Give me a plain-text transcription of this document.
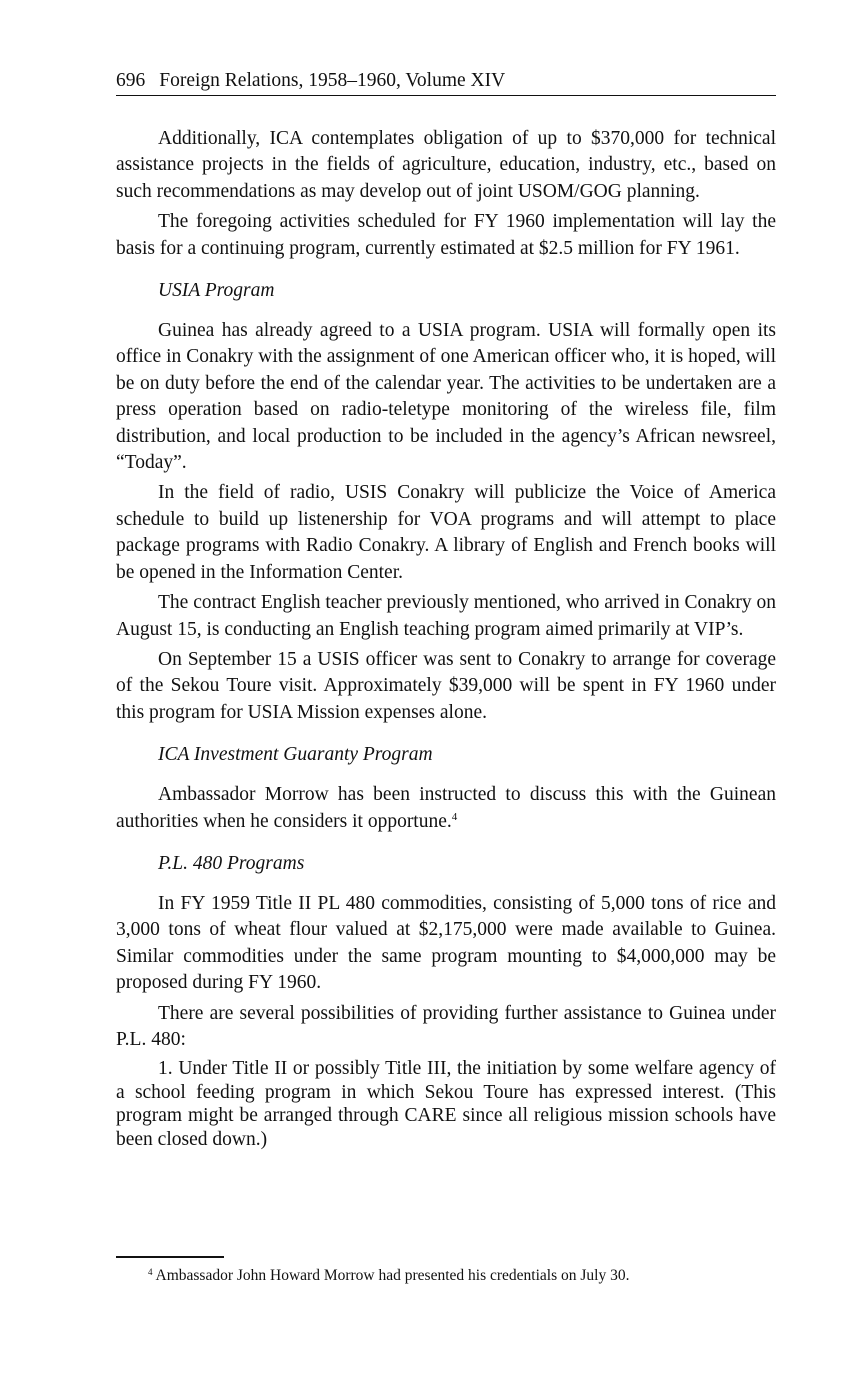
696 Foreign Relations, 1958–1960, Volume XIV

Additionally, ICA contemplates obligation of up to $370,000 for technical assistance projects in the fields of agriculture, education, industry, etc., based on such recommendations as may develop out of joint USOM/GOG planning.

The foregoing activities scheduled for FY 1960 implementation will lay the basis for a continuing program, currently estimated at $2.5 million for FY 1961.

USIA Program

Guinea has already agreed to a USIA program. USIA will formally open its office in Conakry with the assignment of one American officer who, it is hoped, will be on duty before the end of the calendar year. The activities to be undertaken are a press operation based on radio-teletype monitoring of the wireless file, film distribution, and local production to be included in the agency’s African newsreel, “Today”.

In the field of radio, USIS Conakry will publicize the Voice of America schedule to build up listenership for VOA programs and will attempt to place package programs with Radio Conakry. A library of English and French books will be opened in the Information Center.

The contract English teacher previously mentioned, who arrived in Conakry on August 15, is conducting an English teaching program aimed primarily at VIP’s.

On September 15 a USIS officer was sent to Conakry to arrange for coverage of the Sekou Toure visit. Approximately $39,000 will be spent in FY 1960 under this program for USIA Mission expenses alone.

ICA Investment Guaranty Program

Ambassador Morrow has been instructed to discuss this with the Guinean authorities when he considers it opportune.$^4$

P.L. 480 Programs

In FY 1959 Title II PL 480 commodities, consisting of 5,000 tons of rice and 3,000 tons of wheat flour valued at $2,175,000 were made available to Guinea. Similar commodities under the same program mounting to $4,000,000 may be proposed during FY 1960.

There are several possibilities of providing further assistance to Guinea under P.L. 480:

1. Under Title II or possibly Title III, the initiation by some welfare agency of a school feeding program in which Sekou Toure has expressed interest. (This program might be arranged through CARE since all religious mission schools have been closed down.)

$^4$ Ambassador John Howard Morrow had presented his credentials on July 30.
